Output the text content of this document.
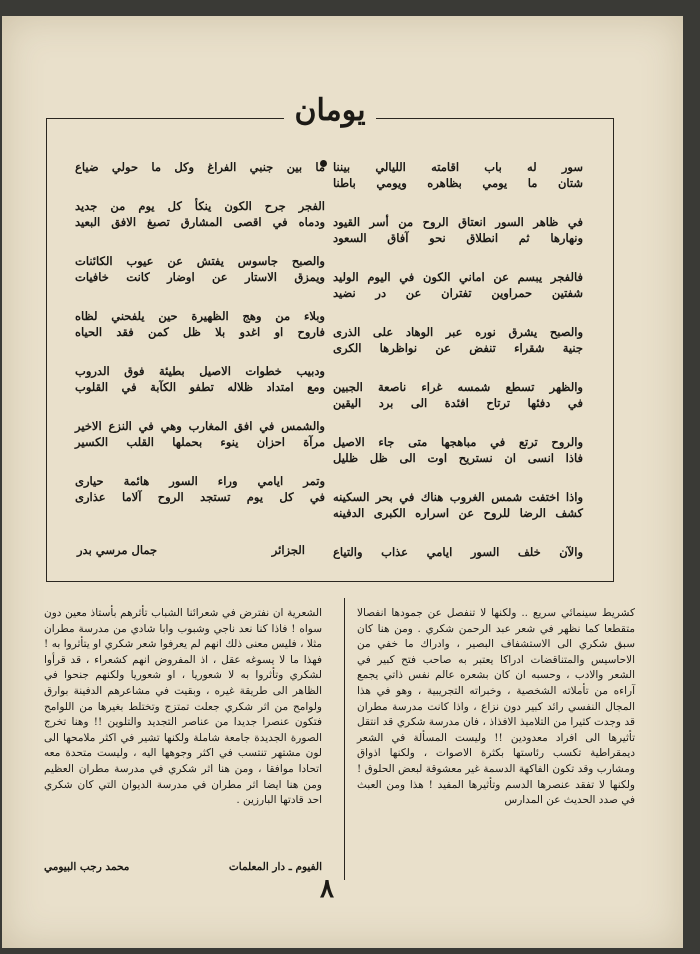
يومان
سور له باب اقامته الليالي بيننا
شتان ما يومي بظاهره ويومي باطنا
في ظاهر السور انعتاق الروح من أسر القيود
ونهارها ثم انطلاق نحو آفاق السعود
فالفجر يبسم عن اماني الكون في اليوم الوليد
شفتين حمراوين تفتران عن در نضيد
والصبح يشرق نوره عبر الوهاد على الذرى
جنية شقراء تنفض عن نواظرها الكرى
والظهر تسطع شمسه غراء ناصعة الجبين
في دفئها ترتاح افئدة الى برد اليقين
والروح ترتع في مباهجها متى جاء الاصيل
فاذا انسى ان نستريح اوت الى ظل ظليل
واذا اختفت شمس الغروب هناك في بحر السكينه
كشف الرضا للروح عن اسراره الكبرى الدفينه
والآن خلف السور ايامي عذاب والتياع
ما بين جنبي الفراغ وكل ما حولي ضياع
الفجر جرح الكون ينكأ كل يوم من جديد
ودماه في اقصى المشارق تصبغ الافق البعيد
والصبح جاسوس يفتش عن عيوب الكائنات
ويمزق الاستار عن اوضار كانت خافيات
وبلاء من وهج الظهيرة حين يلفحني لظاه
فاروح او اغدو بلا ظل كمن فقد الحياه
ودبيب خطوات الاصيل بطيئة فوق الدروب
ومع امتداد ظلاله تطفو الكآبة في القلوب
والشمس في افق المغارب وهي في النزع الاخير
مرآة احزان ينوء بحملها القلب الكسير
وتمر ايامي وراء السور هائمة حيارى
في كل يوم تستجد الروح آلاما عذارى
الجزائر
جمال مرسي بدر

كشريط سينمائي سريع .. ولكنها لا تنفصل عن جمودها انفصالا متقطعا كما نظهر في شعر عبد الرحمن شكري . ومن هنا كان سبق شكري الى الاستشفاف البصير ، وادراك ما خفي من الاحاسيس والمتناقضات ادراكا يعتبر به صاحب فتح كبير في الشعر والادب ، وحسبه ان كان بشعره عالم نفس ذاتي يجمع آراءه من تأملاته الشخصية ، وخبراته التجريبية ، وهو في هذا المجال النفسي رائد كبير دون نزاع ، واذا كانت مدرسة مطران قد وجدت كثيرا من التلاميذ الافذاذ ، فان مدرسة شكري قد انتقل تأثيرها الى افراد معدودين !! وليست المسألة في الشعر ديمقراطية تكسب رئاستها بكثرة الاصوات ، ولكنها اذواق ومشارب وقد تكون الفاكهة الدسمة غير معشوقة لبعض الحلوق ! ولكنها لا تفقد عنصرها الدسم وتأثيرها المفيد ! هذا ومن العبث في صدد الحديث عن المدارس

الشعرية ان نفترض في شعرائنا الشباب تأثرهم بأستاذ معين دون سواه ! فاذا كنا نعد ناجي وشبوب وابا شادي من مدرسة مطران مثلا ، فليس معنى ذلك انهم لم يعرفوا شعر شكري او يتأثروا به ! فهذا ما لا يسوغه عقل ، اذ المفروض انهم كشعراء ، قد قرأوا لشكري وتأثروا به لا شعوريا ، او شعوريا ولكنهم جنحوا في الظاهر الى طريقة غيره ، وبقيت في مشاعرهم الدفينة بوارق ولوامح من اثر شكري جعلت تمتزج وتختلط بغيرها من اللوامح فتكون عنصرا جديدا من عناصر التجديد والتلوين !! وهنا تخرج الصورة الجديدة جامعة شاملة ولكنها تشير في اكثر ملامحها الى لون مشتهر تنتسب في اكثر وجوهها اليه ، وليست متحدة معه اتحادا موافقا ، ومن هنا اثر شكري في مدرسة مطران العظيم ومن هنا ايضا اثر مطران في مدرسة الديوان التي كان شكري احد قادتها البارزين .

الفيوم ـ دار المعلمات
محمد رجب البيومي
٨
